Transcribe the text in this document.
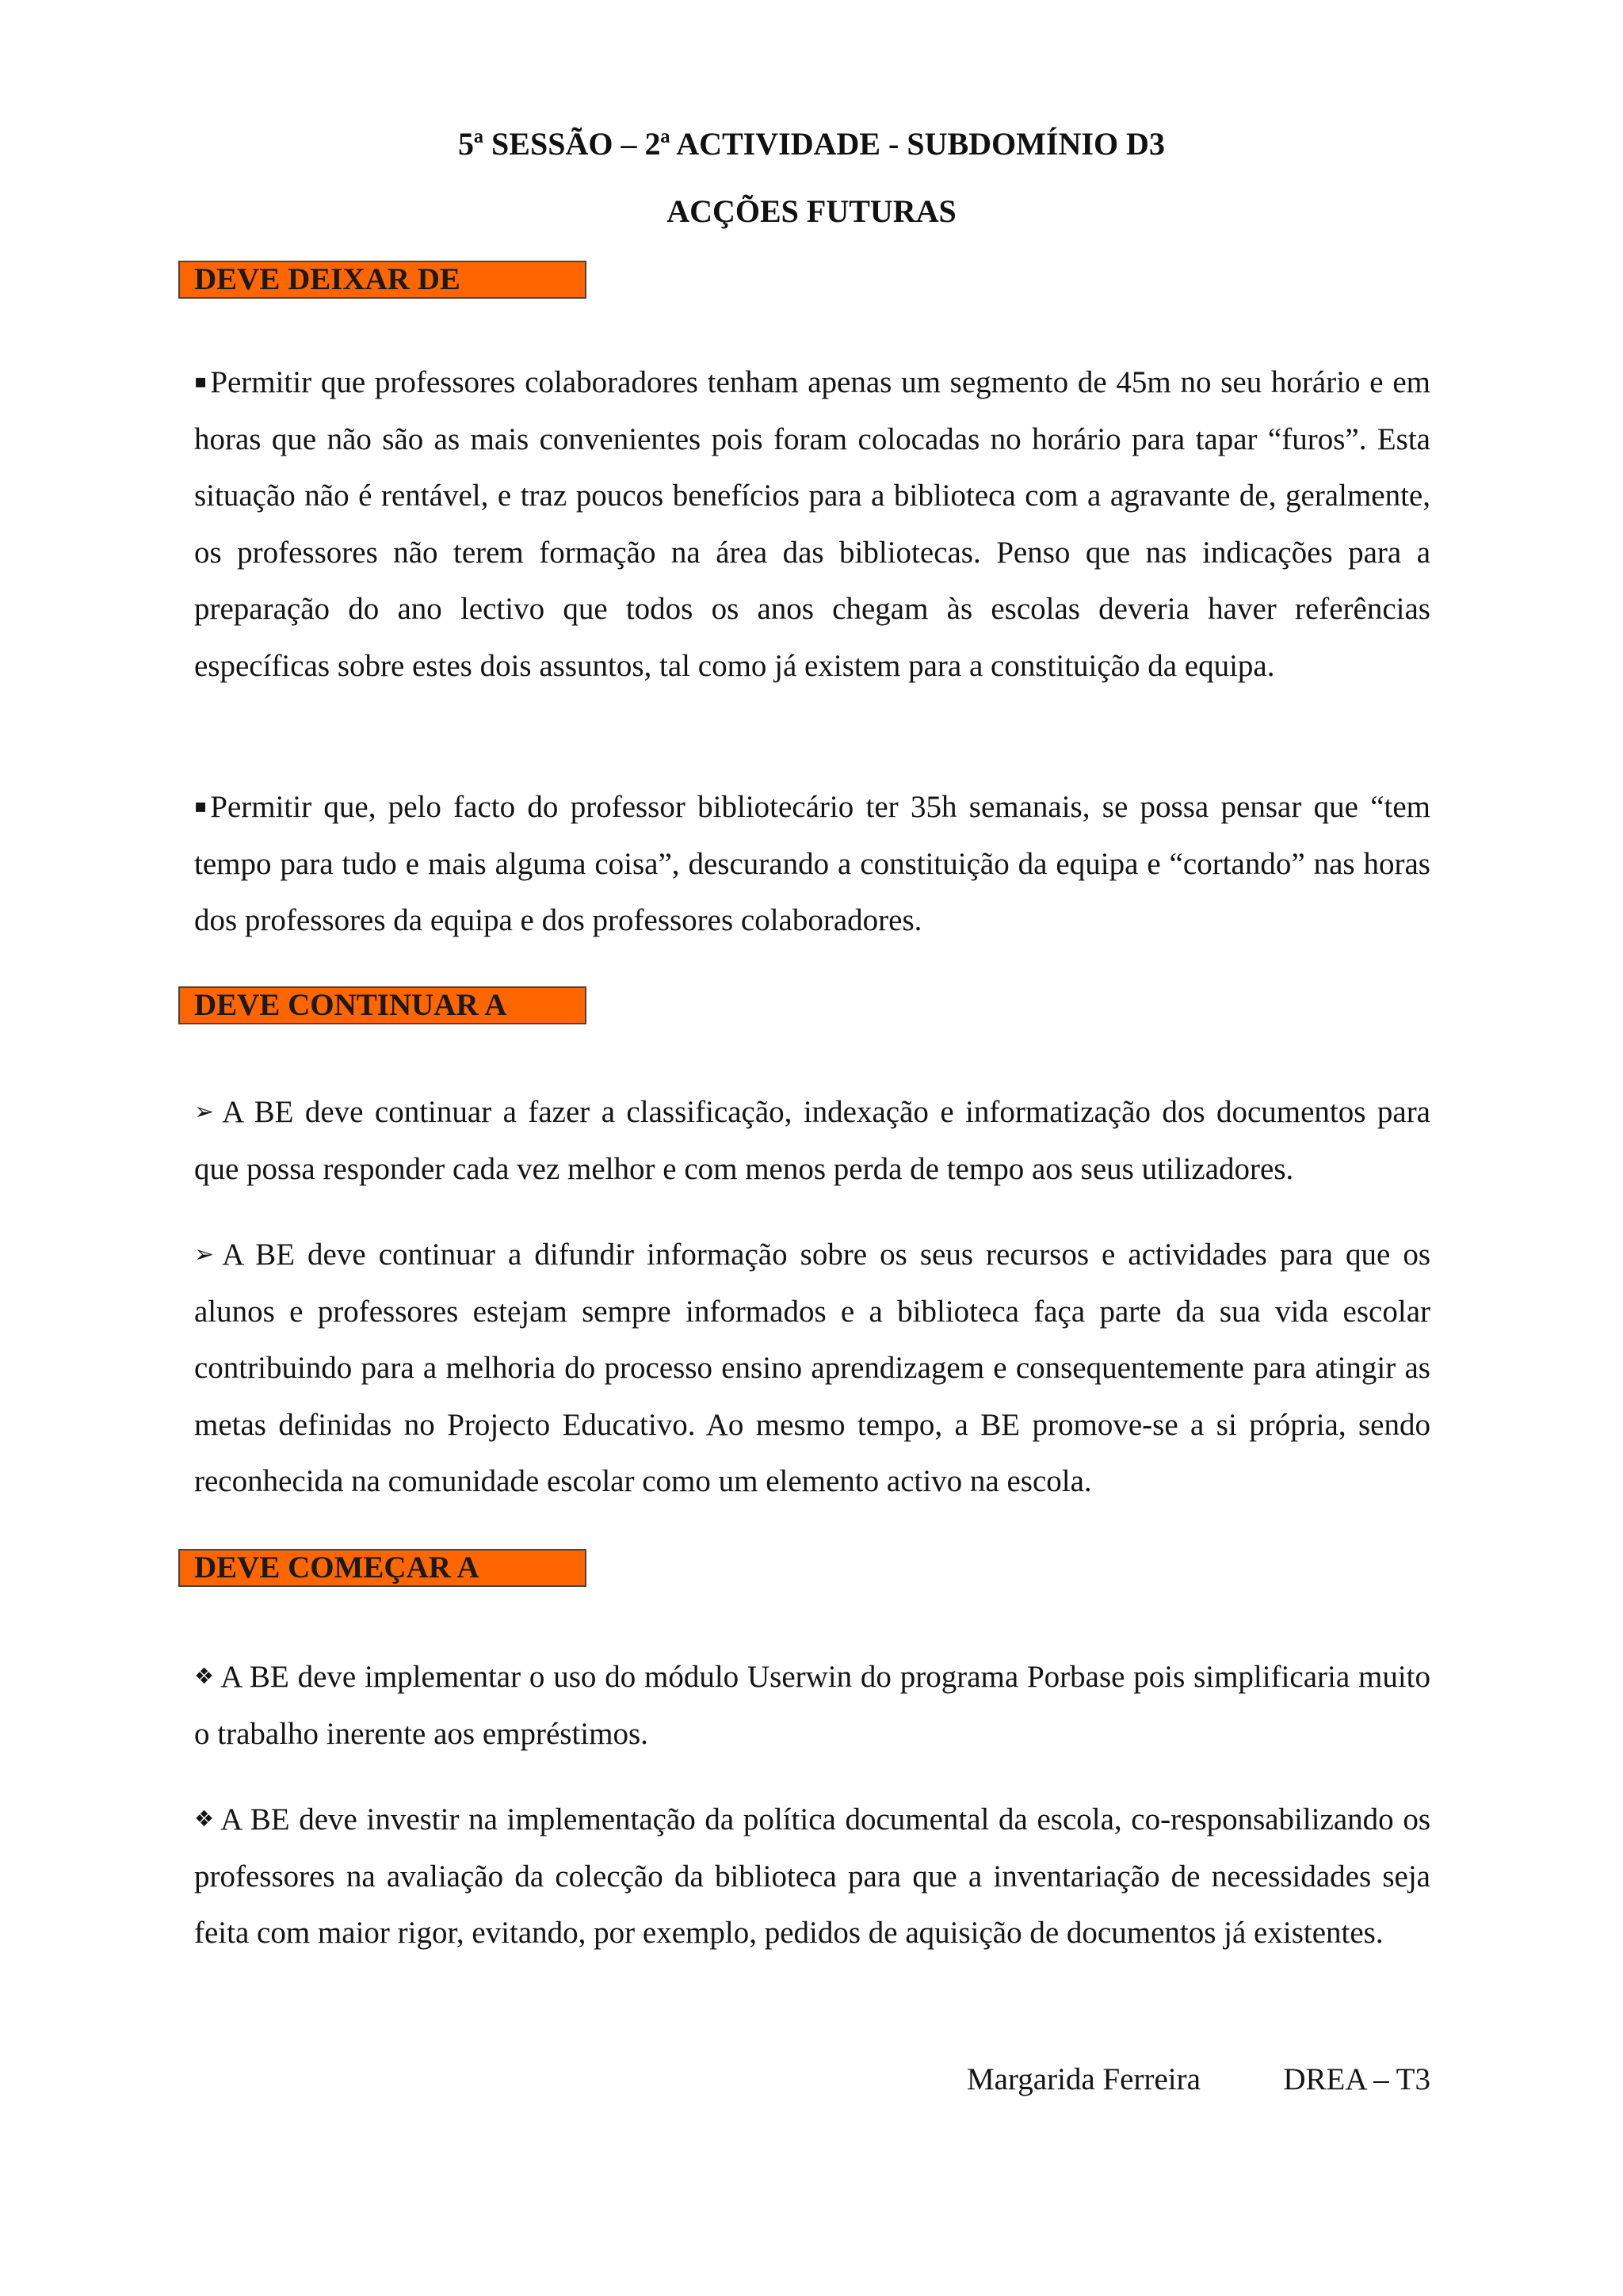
5ª SESSÃO – 2ª ACTIVIDADE - SUBDOMÍNIO D3
ACÇÕES FUTURAS
DEVE DEIXAR DE
▪ Permitir que professores colaboradores tenham apenas um segmento de 45m no seu horário e em horas que não são as mais convenientes pois foram colocadas no horário para tapar “furos”. Esta situação não é rentável, e traz poucos benefícios para a biblioteca com a agravante de, geralmente, os professores não terem formação na área das bibliotecas. Penso que nas indicações para a preparação do ano lectivo que todos os anos chegam às escolas deveria haver referências específicas sobre estes dois assuntos, tal como já existem para a constituição da equipa.
▪ Permitir que, pelo facto do professor bibliotecário ter 35h semanais, se possa pensar que “tem tempo para tudo e mais alguma coisa”, descurando a constituição da equipa e “cortando” nas horas dos professores da equipa e dos professores colaboradores.
DEVE CONTINUAR A
➢ A BE deve continuar a fazer a classificação, indexação e informatização dos documentos para que possa responder cada vez melhor e com menos perda de tempo aos seus utilizadores.
➢ A BE deve continuar a difundir informação sobre os seus recursos e actividades para que os alunos e professores estejam sempre informados e a biblioteca faça parte da sua vida escolar contribuindo para a melhoria do processo ensino aprendizagem e consequentemente para atingir as metas definidas no Projecto Educativo. Ao mesmo tempo, a BE promove-se a si própria, sendo reconhecida na comunidade escolar como um elemento activo na escola.
DEVE COMEÇAR A
❖ A BE deve implementar o uso do módulo Userwin do programa Porbase pois simplificaria muito o trabalho inerente aos empréstimos.
❖ A BE deve investir na implementação da política documental da escola, co-responsabilizando os professores na avaliação da colecção da biblioteca para que a inventariação de necessidades seja feita com maior rigor, evitando, por exemplo, pedidos de aquisição de documentos já existentes.
Margarida Ferreira	DREA – T3
